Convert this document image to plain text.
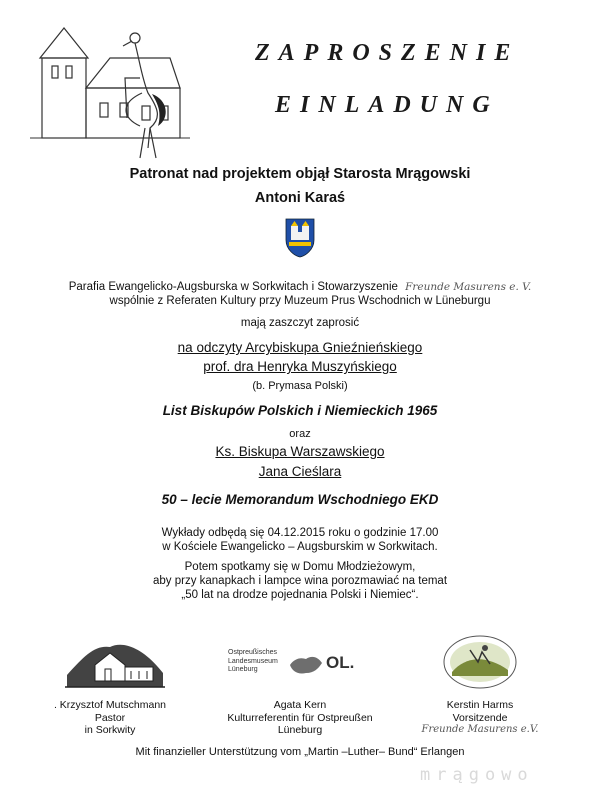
ZAPROSZENIE
EINLADUNG
Patronat nad projektem objął Starosta Mrągowski
Antoni Karaś
Parafia Ewangelicko-Augsburska w Sorkwitach i Stowarzyszenie Freunde Masurens e. V.
wspólnie z Referaten Kultury przy Muzeum Prus Wschodnich w Lüneburgu
mają zaszczyt zaprosić
na odczyty Arcybiskupa Gnieźnieńskiego
prof. dra Henryka Muszyńskiego
(b. Prymasa Polski)
List Biskupów Polskich i Niemieckich 1965
oraz
Ks. Biskupa Warszawskiego
Jana Cieślara
50 – lecie Memorandum Wschodniego EKD
Wykłady odbędą się 04.12.2015 roku o godzinie 17.00
w Kościele Ewangelicko – Augsburskim w Sorkwitach.
Potem spotkamy się w Domu Młodzieżowym,
aby przy kanapkach i lampce wina porozmawiać na temat
„50 lat na drodze pojednania Polski i Niemiec“.
Ostpreußisches Landesmuseum Lüneburg	OL.
. Krzysztof Mutschmann
Pastor
in Sorkwity
Agata Kern
Kulturreferentin für Ostpreußen
Lüneburg
Kerstin Harms
Vorsitzende
Freunde Masurens e.V.
Mit finanzieller Unterstützung vom „Martin –Luther– Bund“ Erlangen
mrągowo
